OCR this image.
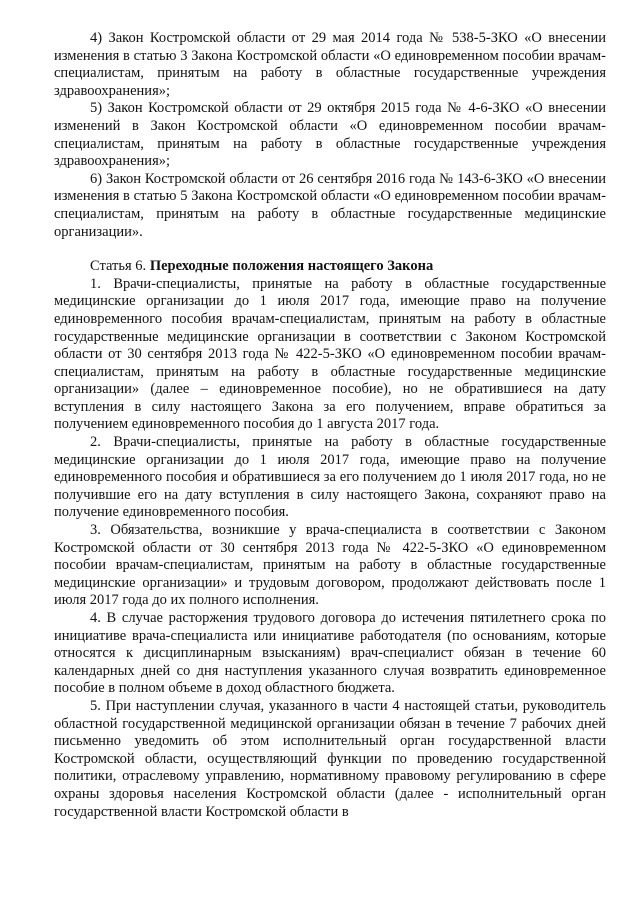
4) Закон Костромской области от 29 мая 2014 года № 538-5-ЗКО «О внесении изменения в статью 3 Закона Костромской области «О единовременном пособии врачам-специалистам, принятым на работу в областные государственные учреждения здравоохранения»;

5) Закон Костромской области от 29 октября 2015 года № 4-6-ЗКО «О внесении изменений в Закон Костромской области «О единовременном пособии врачам-специалистам, принятым на работу в областные государственные учреждения здравоохранения»;

6) Закон Костромской области от 26 сентября 2016 года № 143-6-ЗКО «О внесении изменения в статью 5 Закона Костромской области «О единовременном пособии врачам-специалистам, принятым на работу в областные государственные медицинские организации».

Статья 6. Переходные положения настоящего Закона

1. Врачи-специалисты, принятые на работу в областные государственные медицинские организации до 1 июля 2017 года, имеющие право на получение единовременного пособия врачам-специалистам, принятым на работу в областные государственные медицинские организации в соответствии с Законом Костромской области от 30 сентября 2013 года № 422-5-ЗКО «О единовременном пособии врачам-специалистам, принятым на работу в областные государственные медицинские организации» (далее – единовременное пособие), но не обратившиеся на дату вступления в силу настоящего Закона за его получением, вправе обратиться за получением единовременного пособия до 1 августа 2017 года.

2. Врачи-специалисты, принятые на работу в областные государственные медицинские организации до 1 июля 2017 года, имеющие право на получение единовременного пособия и обратившиеся за его получением до 1 июля 2017 года, но не получившие его на дату вступления в силу настоящего Закона, сохраняют право на получение единовременного пособия.

3. Обязательства, возникшие у врача-специалиста в соответствии с Законом Костромской области от 30 сентября 2013 года № 422-5-ЗКО «О единовременном пособии врачам-специалистам, принятым на работу в областные государственные медицинские организации» и трудовым договором, продолжают действовать после 1 июля 2017 года до их полного исполнения.

4. В случае расторжения трудового договора до истечения пятилетнего срока по инициативе врача-специалиста или инициативе работодателя (по основаниям, которые относятся к дисциплинарным взысканиям) врач-специалист обязан в течение 60 календарных дней со дня наступления указанного случая возвратить единовременное пособие в полном объеме в доход областного бюджета.

5. При наступлении случая, указанного в части 4 настоящей статьи, руководитель областной государственной медицинской организации обязан в течение 7 рабочих дней письменно уведомить об этом исполнительный орган государственной власти Костромской области, осуществляющий функции по проведению государственной политики, отраслевому управлению, нормативному правовому регулированию в сфере охраны здоровья населения Костромской области (далее - исполнительный орган государственной власти Костромской области в
